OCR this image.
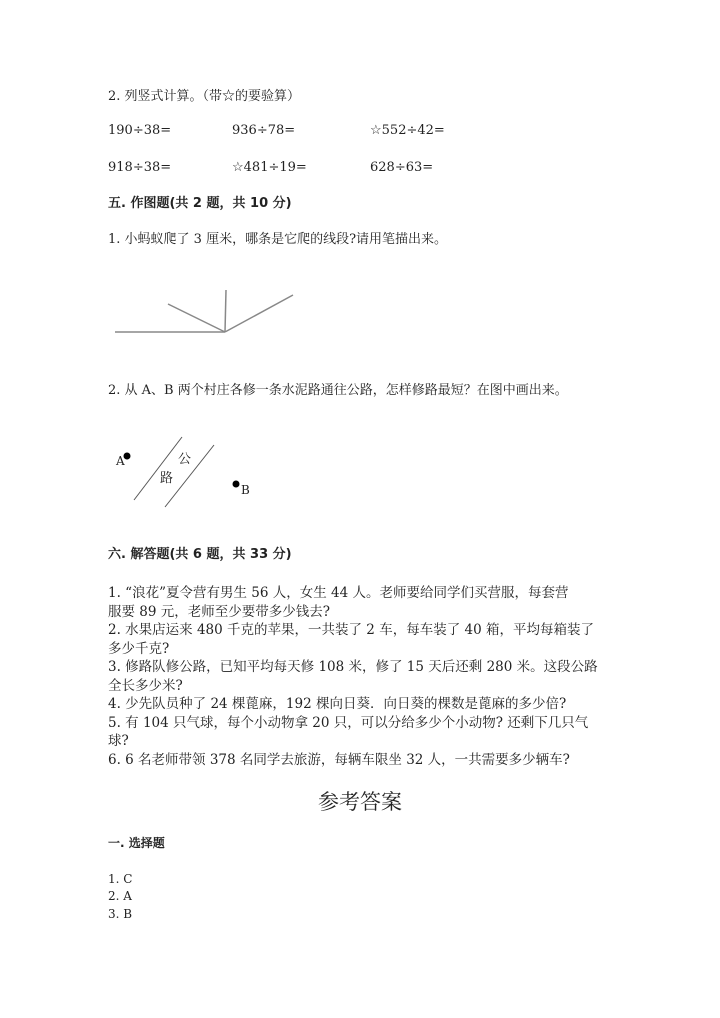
2. 列竖式计算。（带☆的要验算）
190÷38=	936÷78=	☆552÷42=
918÷38=	☆481÷19=	628÷63=
五. 作图题(共 2 题，共 10 分)
1. 小蚂蚁爬了 3 厘米，哪条是它爬的线段?请用笔描出来。
2. 从 A、B 两个村庄各修一条水泥路通往公路，怎样修路最短？在图中画出来。
A
B
公
路
六. 解答题(共 6 题，共 33 分)
1. “浪花”夏令营有男生 56 人，女生 44 人。老师要给同学们买营服，每套营
服要 89 元，老师至少要带多少钱去?
2. 水果店运来 480 千克的苹果，一共装了 2 车，每车装了 40 箱，平均每箱装了
多少千克?
3. 修路队修公路，已知平均每天修 108 米，修了 15 天后还剩 280 米。这段公路
全长多少米?
4. 少先队员种了 24 棵蓖麻，192 棵向日葵．向日葵的棵数是蓖麻的多少倍?
5. 有 104 只气球，每个小动物拿 20 只，可以分给多少个小动物? 还剩下几只气
球?
6. 6 名老师带领 378 名同学去旅游，每辆车限坐 32 人，一共需要多少辆车?
参考答案
一. 选择题
1. C
2. A
3. B
